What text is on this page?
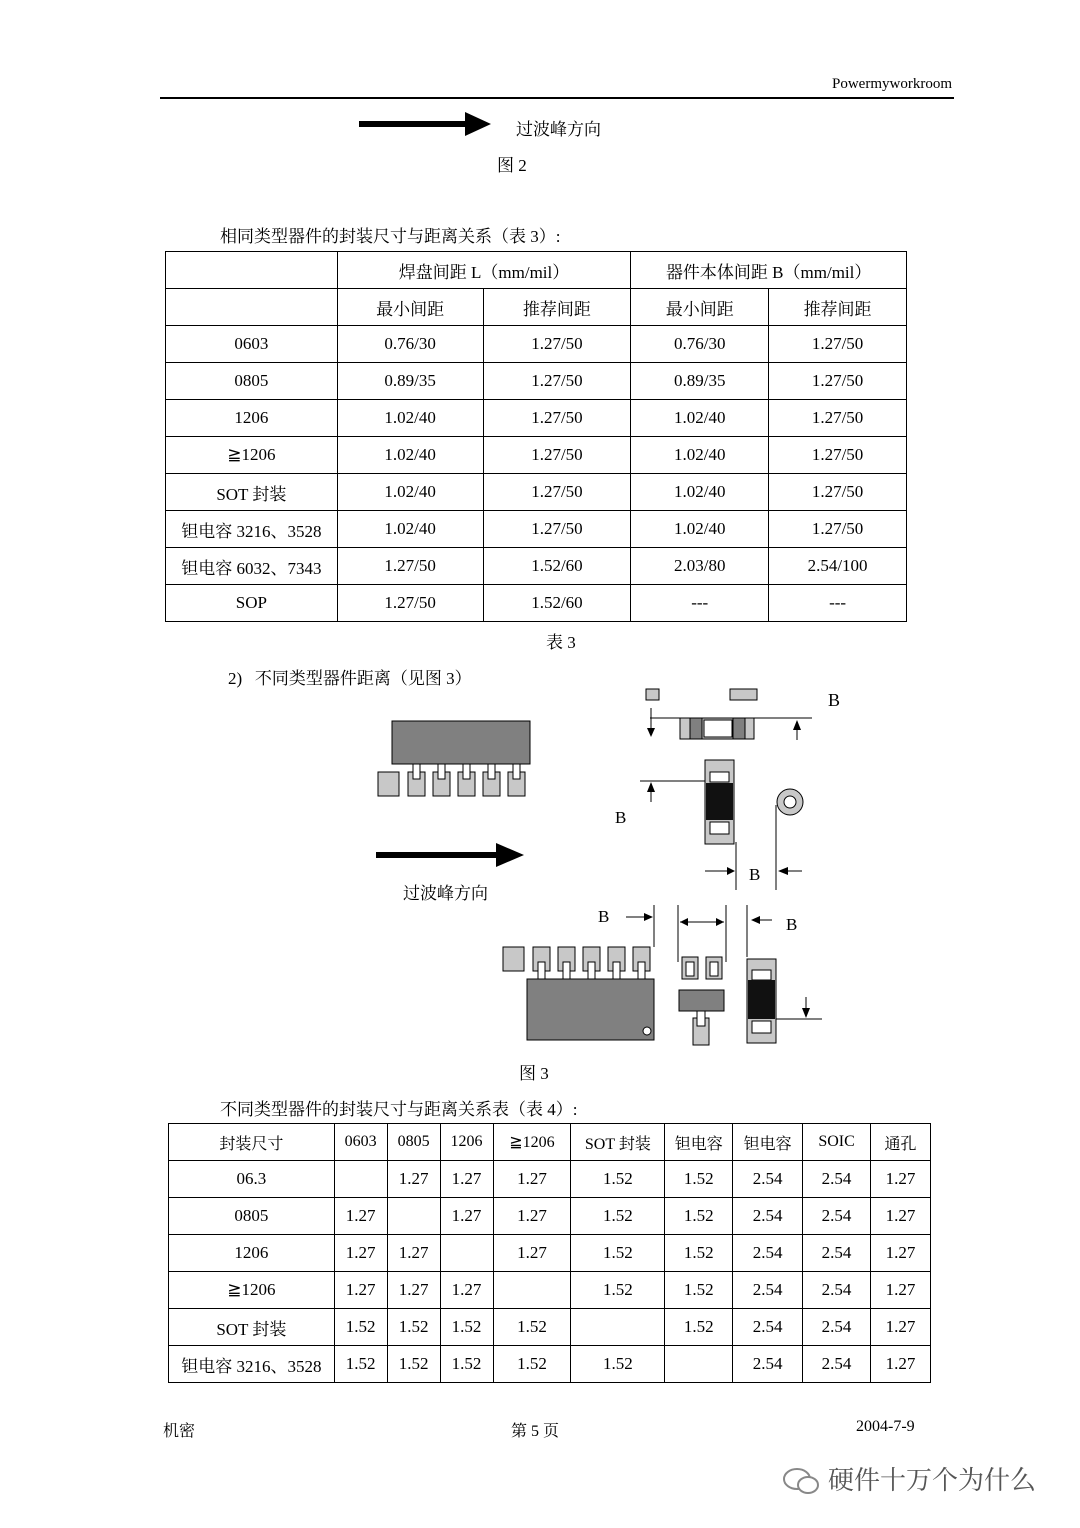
Powermyworkroom
过波峰方向
图 2
相同类型器件的封装尺寸与距离关系（表 3）:
	焊盘间距 L（mm/mil）		器件本体间距 B（mm/mil）	
	最小间距	推荐间距	最小间距	推荐间距
0603	0.76/30	1.27/50	0.76/30	1.27/50
0805	0.89/35	1.27/50	0.89/35	1.27/50
1206	1.02/40	1.27/50	1.02/40	1.27/50
≧1206	1.02/40	1.27/50	1.02/40	1.27/50
SOT 封装	1.02/40	1.27/50	1.02/40	1.27/50
钽电容 3216、3528	1.02/40	1.27/50	1.02/40	1.27/50
钽电容 6032、7343	1.27/50	1.52/60	2.03/80	2.54/100
SOP	1.27/50	1.52/60	---	---
表 3
2)   不同类型器件距离（见图 3）
B
B
B
B	B
过波峰方向
图 3
不同类型器件的封装尺寸与距离关系表（表 4）:
封装尺寸	0603	0805	1206	≧1206	SOT 封装	钽电容	钽电容	SOIC	通孔
06.3		1.27	1.27	1.27	1.52	1.52	2.54	2.54	1.27
0805	1.27		1.27	1.27	1.52	1.52	2.54	2.54	1.27
1206	1.27	1.27		1.27	1.52	1.52	2.54	2.54	1.27
≧1206	1.27	1.27	1.27		1.52	1.52	2.54	2.54	1.27
SOT 封装	1.52	1.52	1.52	1.52		1.52	2.54	2.54	1.27
钽电容 3216、3528	1.52	1.52	1.52	1.52	1.52		2.54	2.54	1.27
机密	第 5 页	2004-7-9
硬件十万个为什么
